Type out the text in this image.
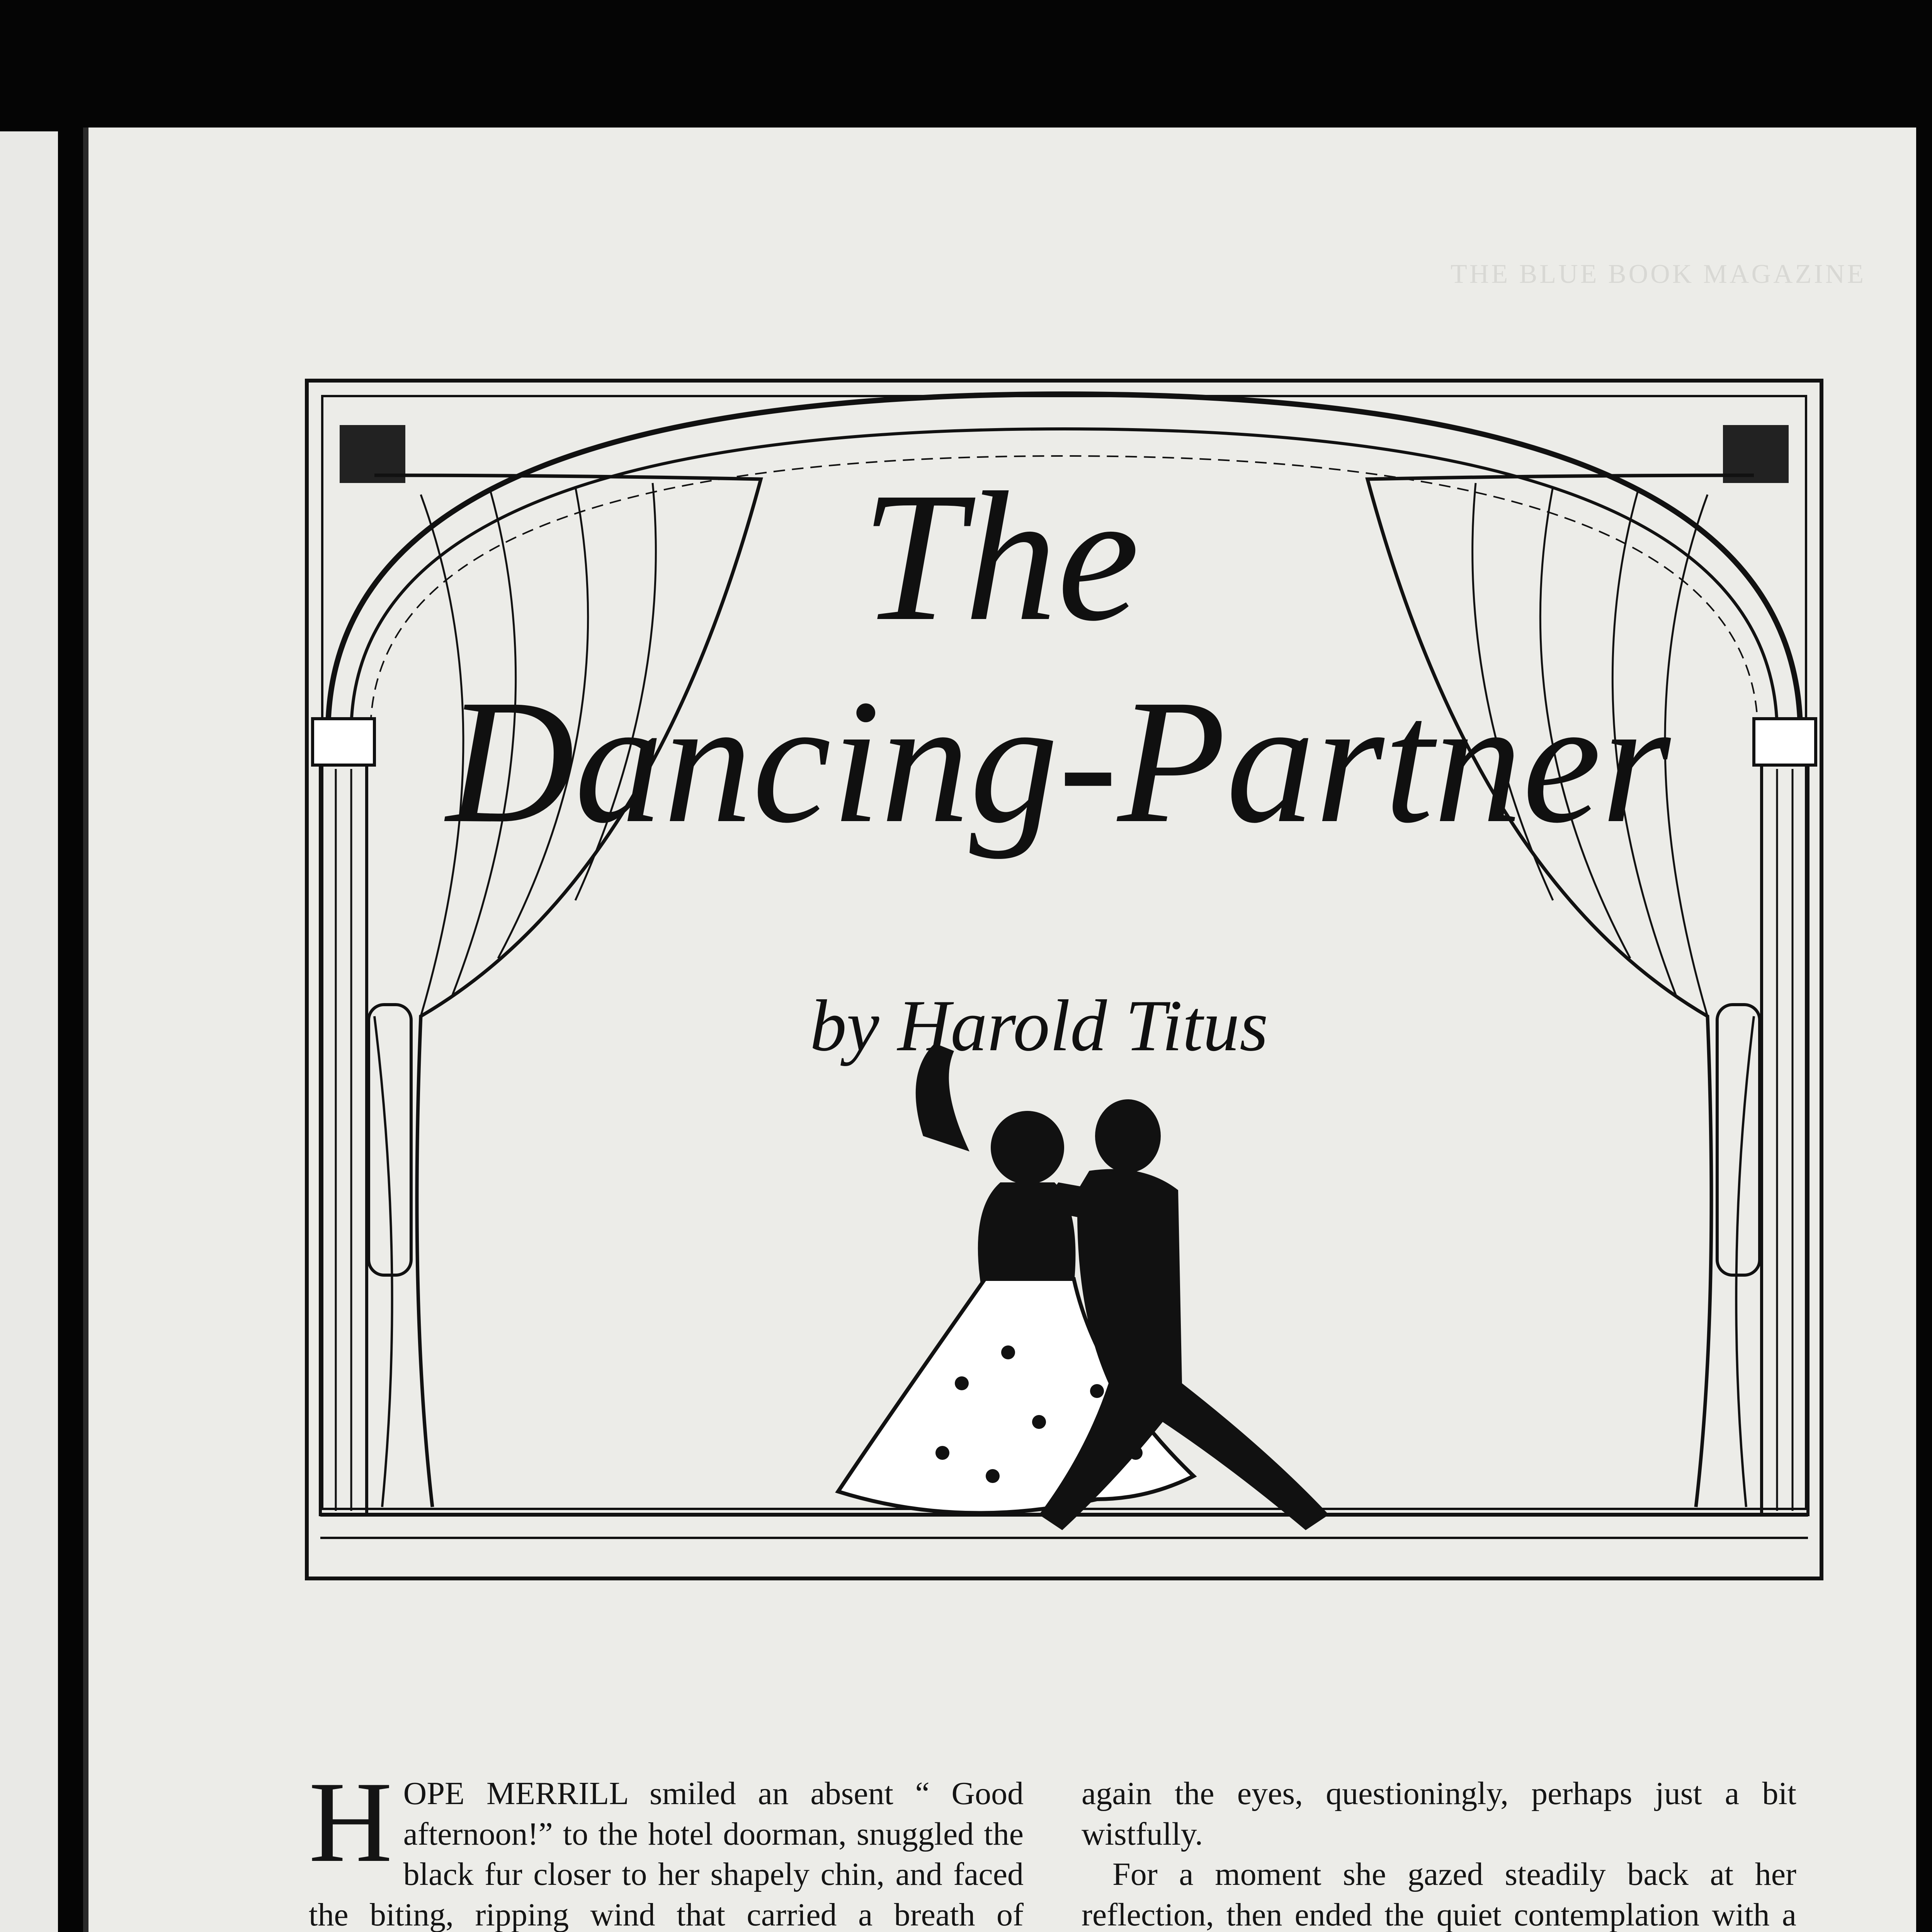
THE BLUE BOOK MAGAZINE
The
Dancing-Partner
by Harold Titus

HOPE MERRILL smiled an absent “ Good afternoon!” to the hotel doorman, snuggled the black fur closer to her shapely chin, and faced the biting, ripping wind that carried a breath of

again the eyes, questioningly, perhaps just a bit wistfully.

For a moment she gazed steadily back at her reflection, then ended the quiet contemplation with a
